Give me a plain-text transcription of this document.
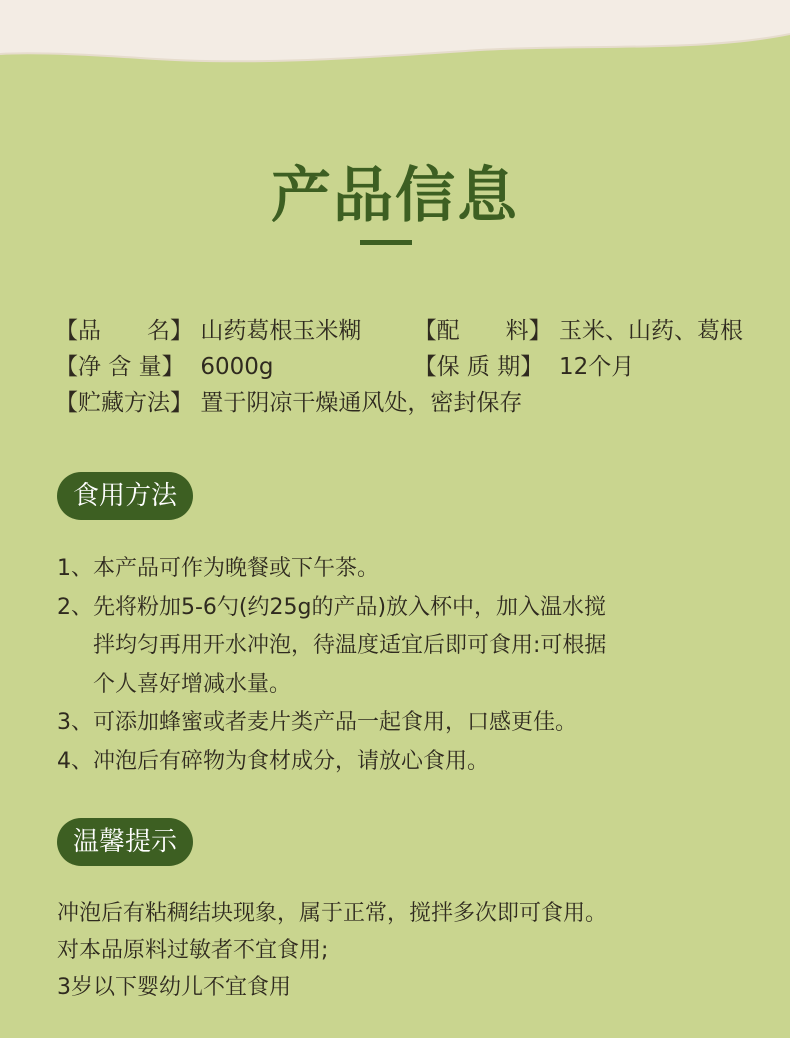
产品信息
【品　　名】 山药葛根玉米糊 【配　　料】 玉米、山药、葛根
【净 含 量】 6000g	【保 质 期】 12个月
【贮藏方法】 置于阴凉干燥通风处，密封保存
食用方法
1、本产品可作为晚餐或下午茶。
2、先将粉加5-6勺(约25g的产品)放入杯中，加入温水搅
拌均匀再用开水冲泡，待温度适宜后即可食用:可根据
个人喜好增减水量。
3、可添加蜂蜜或者麦片类产品一起食用，口感更佳。
4、冲泡后有碎物为食材成分，请放心食用。
温馨提示
冲泡后有粘稠结块现象，属于正常，搅拌多次即可食用。
对本品原料过敏者不宜食用;
3岁以下婴幼儿不宜食用
